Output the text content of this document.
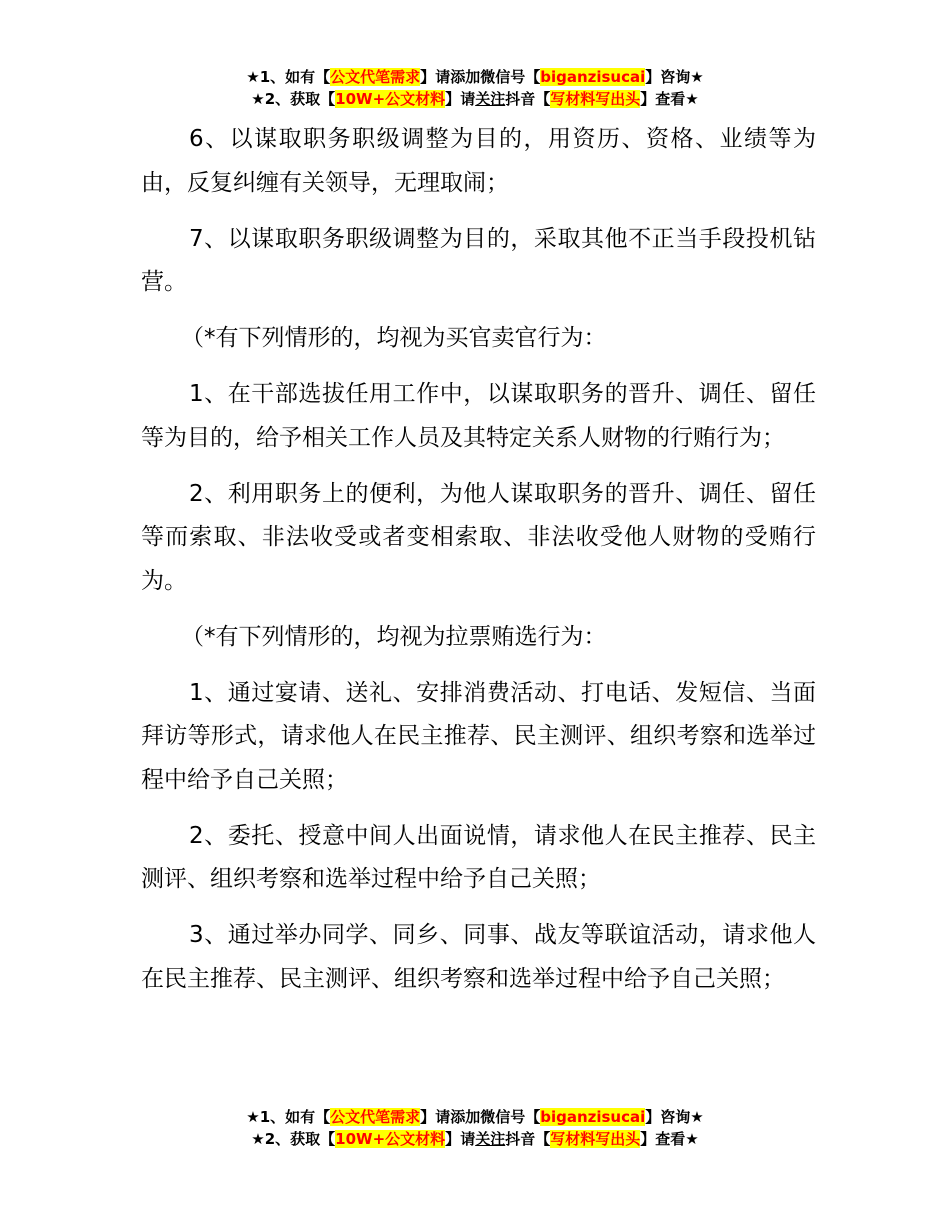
★1、如有【公文代笔需求】请添加微信号【biganzisucai】咨询★
★2、获取【10W+公文材料】请关注抖音【写材料写出头】查看★

6、以谋取职务职级调整为目的，用资历、资格、业绩等为由，反复纠缠有关领导，无理取闹；

7、以谋取职务职级调整为目的，采取其他不正当手段投机钻营。

（*有下列情形的，均视为买官卖官行为：

1、在干部选拔任用工作中，以谋取职务的晋升、调任、留任等为目的，给予相关工作人员及其特定关系人财物的行贿行为；

2、利用职务上的便利，为他人谋取职务的晋升、调任、留任等而索取、非法收受或者变相索取、非法收受他人财物的受贿行为。

（*有下列情形的，均视为拉票贿选行为：

1、通过宴请、送礼、安排消费活动、打电话、发短信、当面拜访等形式，请求他人在民主推荐、民主测评、组织考察和选举过程中给予自己关照；

2、委托、授意中间人出面说情，请求他人在民主推荐、民主测评、组织考察和选举过程中给予自己关照；

3、通过举办同学、同乡、同事、战友等联谊活动，请求他人在民主推荐、民主测评、组织考察和选举过程中给予自己关照；

★1、如有【公文代笔需求】请添加微信号【biganzisucai】咨询★
★2、获取【10W+公文材料】请关注抖音【写材料写出头】查看★
